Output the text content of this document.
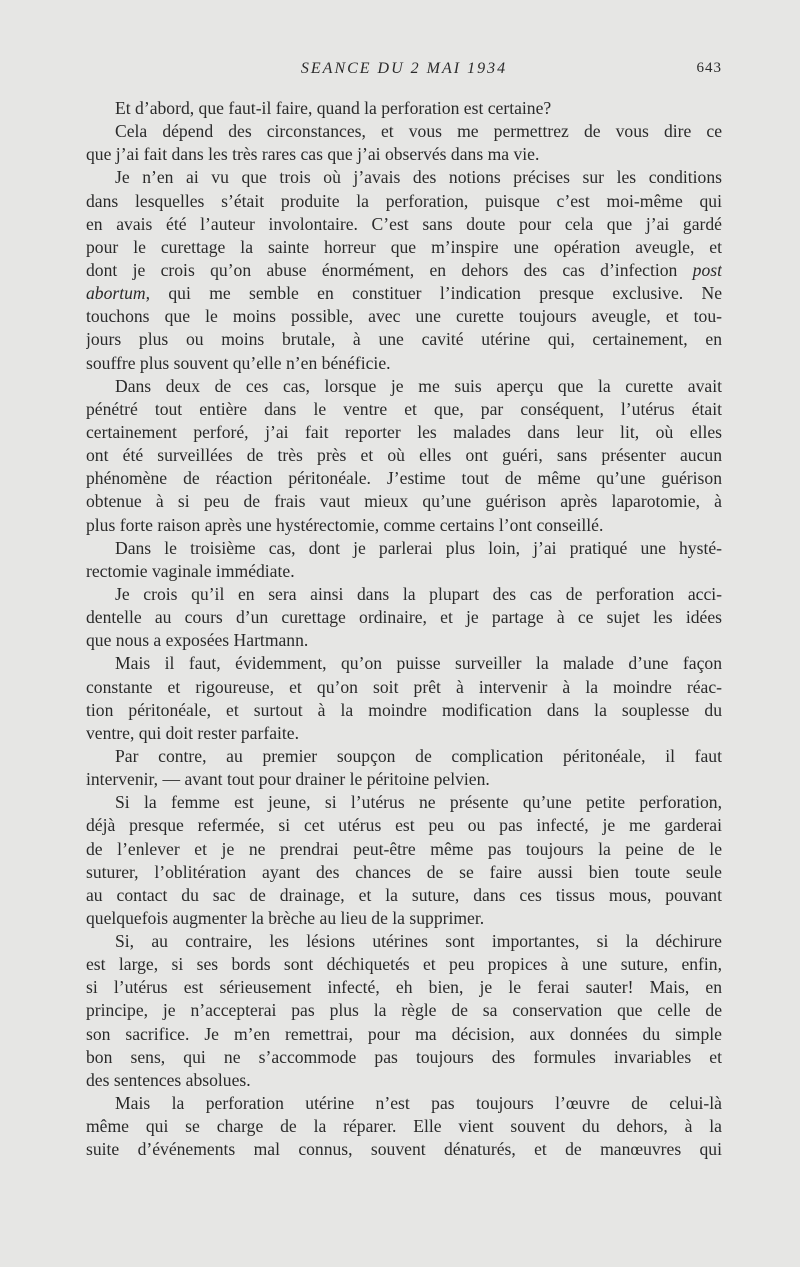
SEANCE DU 2 MAI 1934	643
Et d’abord, que faut-il faire, quand la perforation est certaine?
Cela dépend des circonstances, et vous me permettrez de vous dire ce
que j’ai fait dans les très rares cas que j’ai observés dans ma vie.
Je n’en ai vu que trois où j’avais des notions précises sur les conditions
dans lesquelles s’était produite la perforation, puisque c’est moi-même qui
en avais été l’auteur involontaire. C’est sans doute pour cela que j’ai gardé
pour le curettage la sainte horreur que m’inspire une opération aveugle, et
dont je crois qu’on abuse énormément, en dehors des cas d’infection post
abortum, qui me semble en constituer l’indication presque exclusive. Ne
touchons que le moins possible, avec une curette toujours aveugle, et tou-
jours plus ou moins brutale, à une cavité utérine qui, certainement, en
souffre plus souvent qu’elle n’en bénéficie.
Dans deux de ces cas, lorsque je me suis aperçu que la curette avait
pénétré tout entière dans le ventre et que, par conséquent, l’utérus était
certainement perforé, j’ai fait reporter les malades dans leur lit, où elles
ont été surveillées de très près et où elles ont guéri, sans présenter aucun
phénomène de réaction péritonéale. J’estime tout de même qu’une guérison
obtenue à si peu de frais vaut mieux qu’une guérison après laparotomie, à
plus forte raison après une hystérectomie, comme certains l’ont conseillé.
Dans le troisième cas, dont je parlerai plus loin, j’ai pratiqué une hysté-
rectomie vaginale immédiate.
Je crois qu’il en sera ainsi dans la plupart des cas de perforation acci-
dentelle au cours d’un curettage ordinaire, et je partage à ce sujet les idées
que nous a exposées Hartmann.
Mais il faut, évidemment, qu’on puisse surveiller la malade d’une façon
constante et rigoureuse, et qu’on soit prêt à intervenir à la moindre réac-
tion péritonéale, et surtout à la moindre modification dans la souplesse du
ventre, qui doit rester parfaite.
Par contre, au premier soupçon de complication péritonéale, il faut
intervenir, — avant tout pour drainer le péritoine pelvien.
Si la femme est jeune, si l’utérus ne présente qu’une petite perforation,
déjà presque refermée, si cet utérus est peu ou pas infecté, je me garderai
de l’enlever et je ne prendrai peut-être même pas toujours la peine de le
suturer, l’oblitération ayant des chances de se faire aussi bien toute seule
au contact du sac de drainage, et la suture, dans ces tissus mous, pouvant
quelquefois augmenter la brèche au lieu de la supprimer.
Si, au contraire, les lésions utérines sont importantes, si la déchirure
est large, si ses bords sont déchiquetés et peu propices à une suture, enfin,
si l’utérus est sérieusement infecté, eh bien, je le ferai sauter! Mais, en
principe, je n’accepterai pas plus la règle de sa conservation que celle de
son sacrifice. Je m’en remettrai, pour ma décision, aux données du simple
bon sens, qui ne s’accommode pas toujours des formules invariables et
des sentences absolues.
Mais la perforation utérine n’est pas toujours l’œuvre de celui-là
même qui se charge de la réparer. Elle vient souvent du dehors, à la
suite d’événements mal connus, souvent dénaturés, et de manœuvres qui
